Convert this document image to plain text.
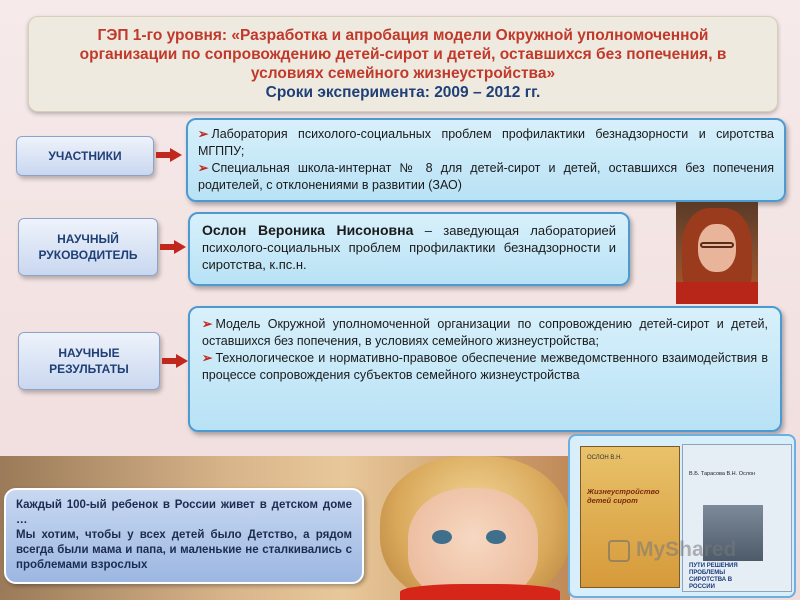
ГЭП 1-го уровня: «Разработка и апробация модели Окружной уполномоченной организации по сопровождению детей-сирот и детей, оставшихся без попечения, в условиях семейного жизнеустройства»
Сроки эксперимента: 2009 – 2012 гг.
УЧАСТНИКИ
➢ Лаборатория психолого-социальных проблем профилактики безнадзорности и сиротства МГППУ;
➢ Специальная школа-интернат № 8 для детей-сирот и детей, оставшихся без попечения родителей, с отклонениями в развитии (ЗАО)
НАУЧНЫЙ РУКОВОДИТЕЛЬ
Ослон Вероника Нисоновна – заведующая лабораторией психолого-социальных проблем профилактики безнадзорности и сиротства, к.пс.н.
НАУЧНЫЕ РЕЗУЛЬТАТЫ
➢ Модель Окружной уполномоченной организации по сопровождению детей-сирот и детей, оставшихся без попечения, в условиях семейного жизнеустройства;
➢ Технологическое и нормативно-правовое обеспечение межведомственного взаимодействия в процессе сопровождения субъектов семейного жизнеустройства
Каждый 100-ый ребенок в России живет в детском доме …
Мы хотим, чтобы у всех детей было Детство, а рядом всегда были мама и папа, и маленькие не сталкивались с проблемами взрослых
ОСЛОН В.Н.
Жизнеустройство детей сирот
В.Б. Тарасова В.Н. Ослон
ПУТИ РЕШЕНИЯ ПРОБЛЕМЫ СИРОТСТВА В РОССИИ
MyShared
